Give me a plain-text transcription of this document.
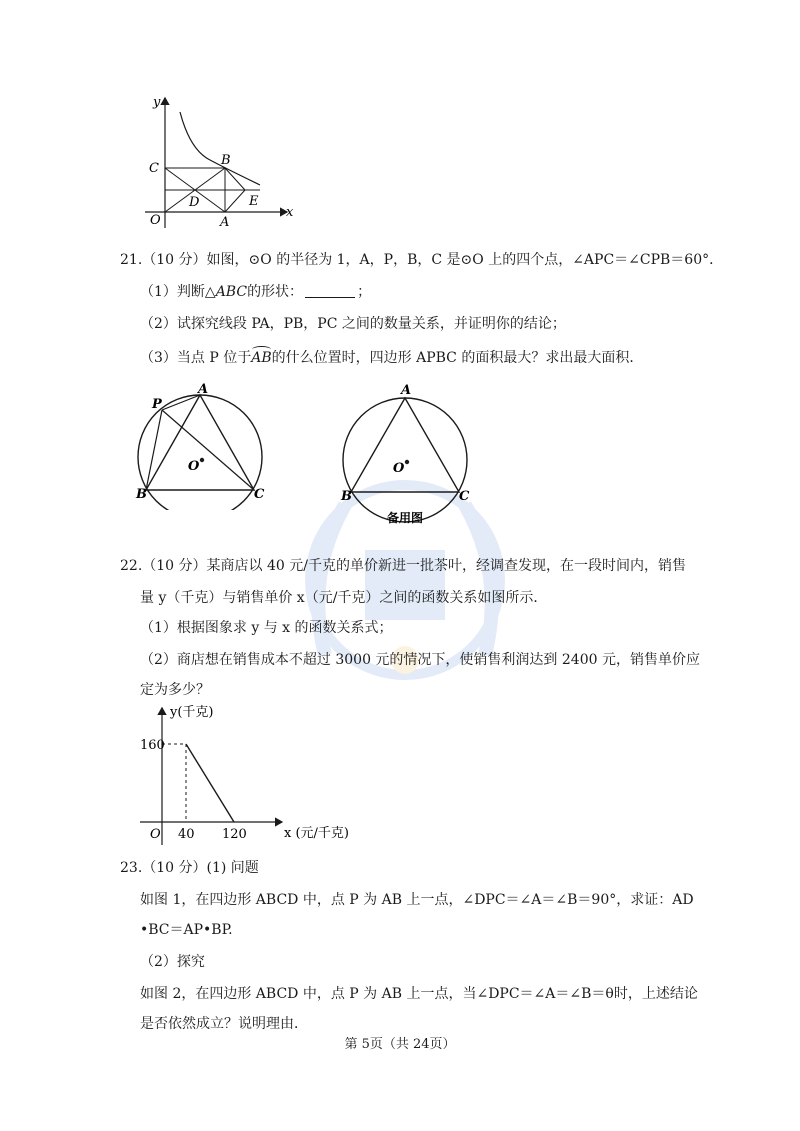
y
x
O
C
B
D
A
E
21.（10 分）如图，⊙O 的半径为 1，A，P，B，C 是⊙O 上的四个点，∠APC＝∠CPB＝60°．
（1）判断△ABC的形状：	；
（2）试探究线段 PA，PB，PC 之间的数量关系，并证明你的结论；
（3）当点 P 位于AB的什么位置时，四边形 APBC 的面积最大？求出最大面积．
P
A
B	C
O
A
B	C
O
备用图
22.（10 分）某商店以 40 元/千克的单价新进一批茶叶，经调查发现，在一段时间内，销售
量 y（千克）与销售单价 x（元/千克）之间的函数关系如图所示．
（1）根据图象求 y 与 x 的函数关系式；
（2）商店想在销售成本不超过 3000 元的情况下，使销售利润达到 2400 元，销售单价应
定为多少？
y(千克)
x (元/千克)
O
160
40 120
23.（10 分）(1) 问题
如图 1，在四边形 ABCD 中，点 P 为 AB 上一点，∠DPC＝∠A＝∠B＝90°，求证：AD
•BC＝AP•BP.
（2）探究
如图 2，在四边形 ABCD 中，点 P 为 AB 上一点，当∠DPC＝∠A＝∠B＝θ时，上述结论
是否依然成立？说明理由．
第 5页（共 24页）
